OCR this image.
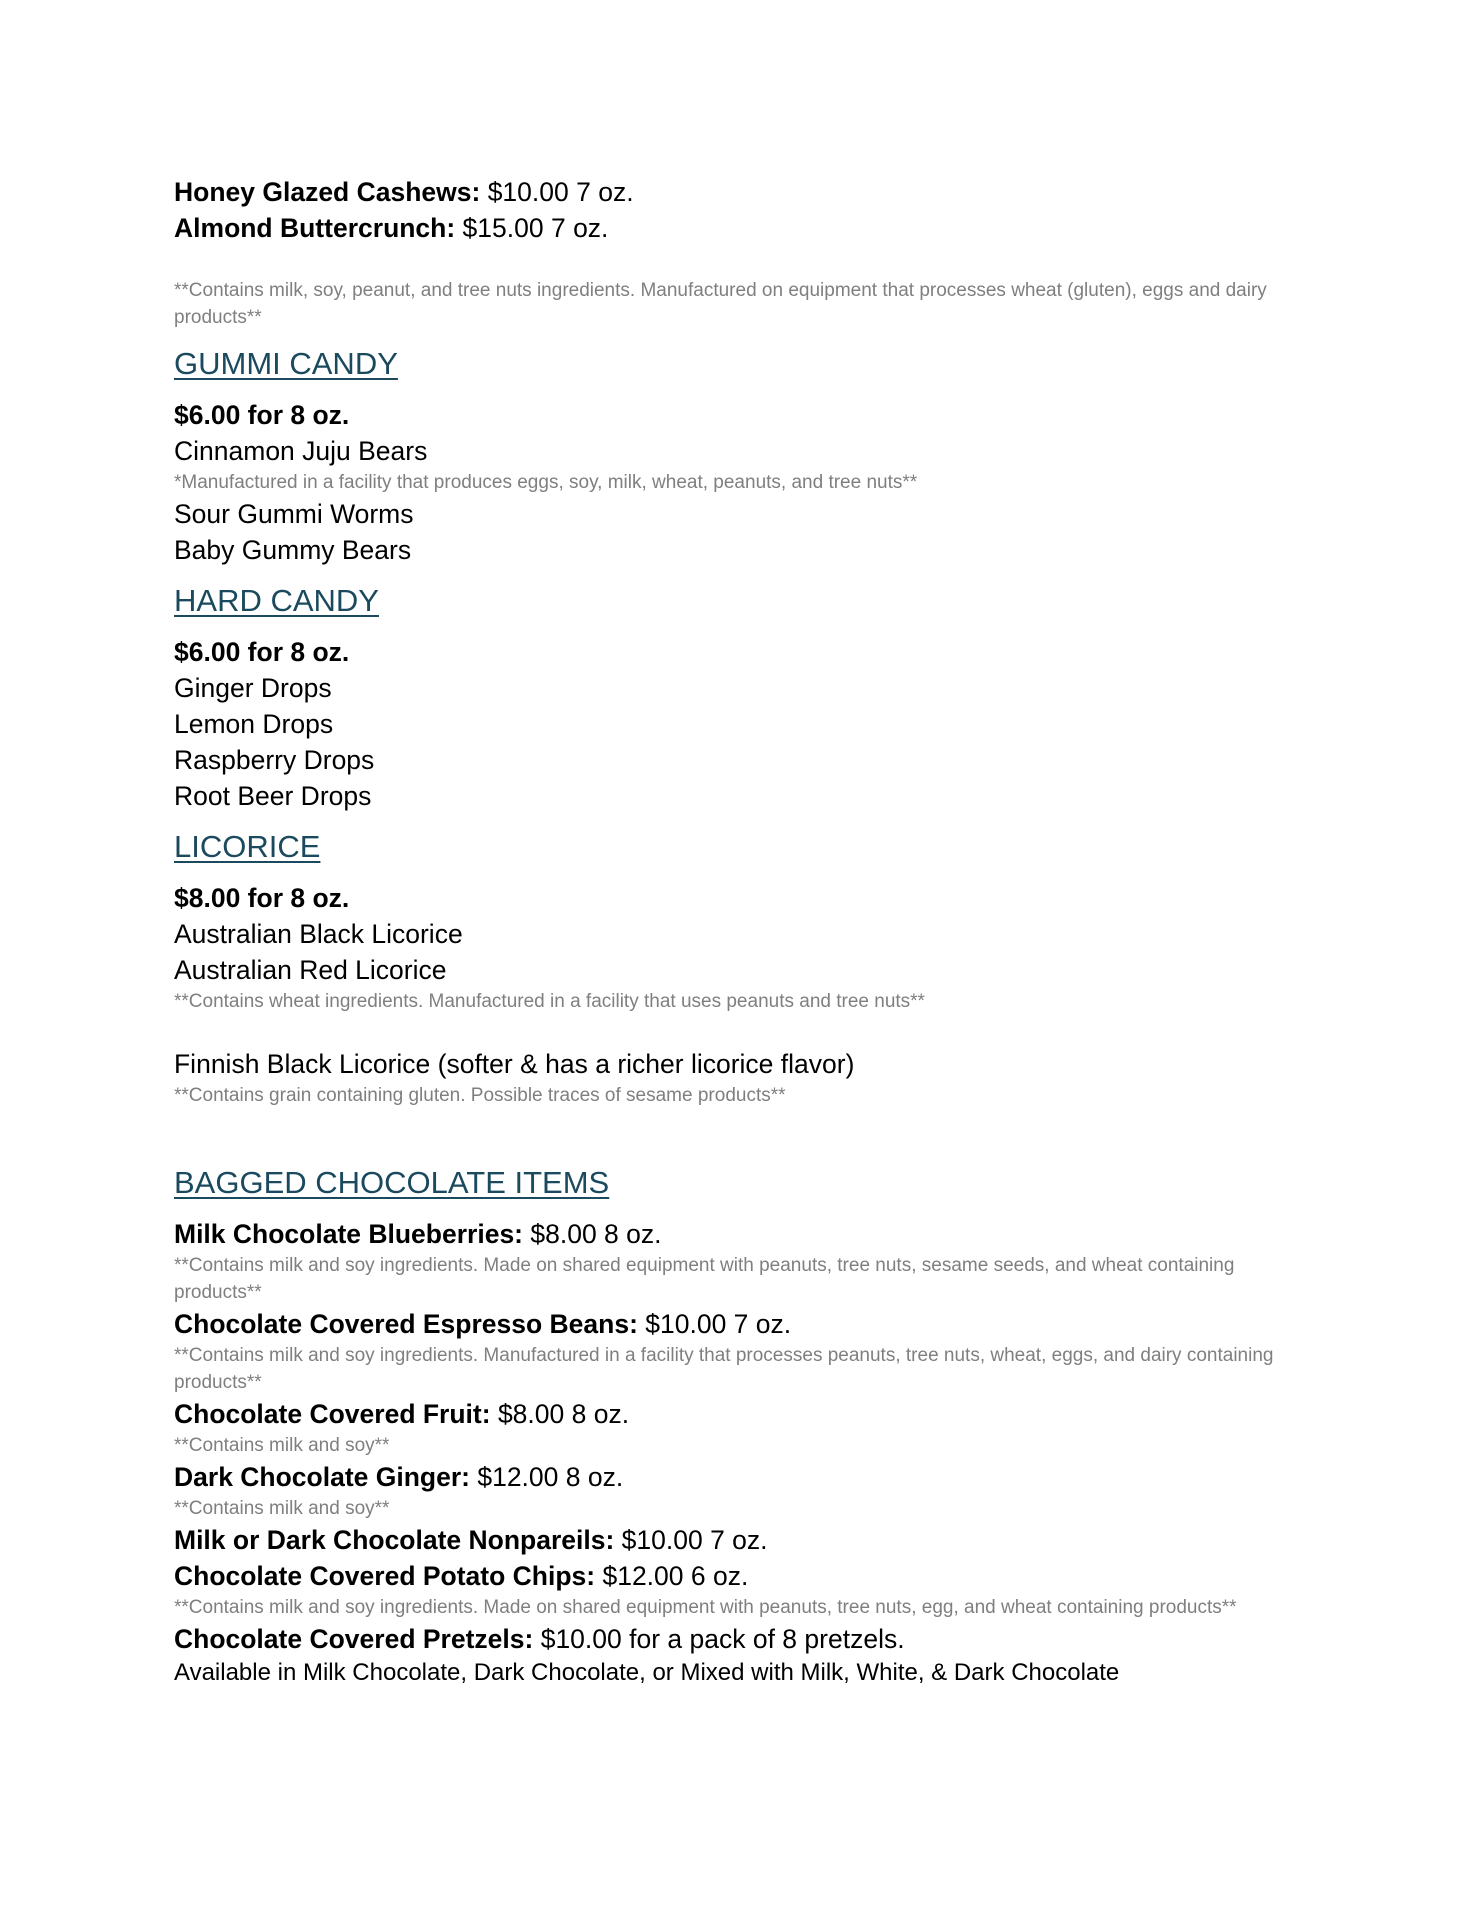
Honey Glazed Cashews: $10.00 7 oz.
Almond Buttercrunch: $15.00 7 oz.
**Contains milk, soy, peanut, and tree nuts ingredients. Manufactured on equipment that processes wheat (gluten), eggs and dairy products**
GUMMI CANDY
$6.00 for 8 oz.
Cinnamon Juju Bears
*Manufactured in a facility that produces eggs, soy, milk, wheat, peanuts, and tree nuts**
Sour Gummi Worms
Baby Gummy Bears
HARD CANDY
$6.00 for 8 oz.
Ginger Drops
Lemon Drops
Raspberry Drops
Root Beer Drops
LICORICE
$8.00 for 8 oz.
Australian Black Licorice
Australian Red Licorice
**Contains wheat ingredients. Manufactured in a facility that uses peanuts and tree nuts**
Finnish Black Licorice (softer & has a richer licorice flavor)
**Contains grain containing gluten. Possible traces of sesame products**
BAGGED CHOCOLATE ITEMS
Milk Chocolate Blueberries: $8.00 8 oz.
**Contains milk and soy ingredients. Made on shared equipment with peanuts, tree nuts, sesame seeds, and wheat containing products**
Chocolate Covered Espresso Beans: $10.00 7 oz.
**Contains milk and soy ingredients. Manufactured in a facility that processes peanuts, tree nuts, wheat, eggs, and dairy containing products**
Chocolate Covered Fruit: $8.00 8 oz.
**Contains milk and soy**
Dark Chocolate Ginger: $12.00 8 oz.
**Contains milk and soy**
Milk or Dark Chocolate Nonpareils: $10.00 7 oz.
Chocolate Covered Potato Chips: $12.00 6 oz.
**Contains milk and soy ingredients. Made on shared equipment with peanuts, tree nuts, egg, and wheat containing products**
Chocolate Covered Pretzels: $10.00 for a pack of 8 pretzels.
Available in Milk Chocolate, Dark Chocolate, or Mixed with Milk, White, & Dark Chocolate
